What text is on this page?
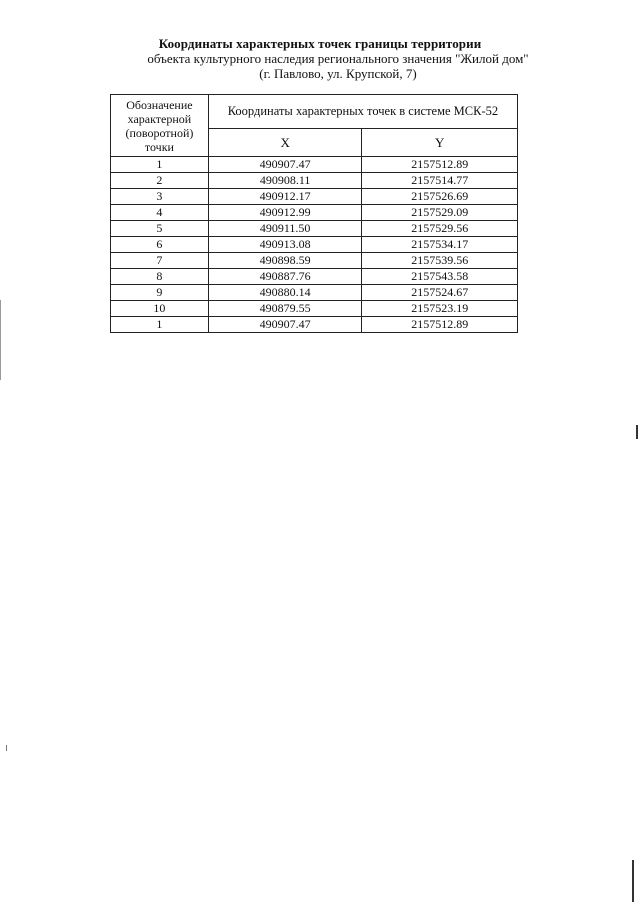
Координаты характерных точек границы территории
объекта культурного наследия регионального значения "Жилой дом"
(г. Павлово, ул. Крупской, 7)
Обозначение характерной (поворотной) точки	Координаты характерных точек в системе МСК-52	
	X	Y
1	490907.47	2157512.89
2	490908.11	2157514.77
3	490912.17	2157526.69
4	490912.99	2157529.09
5	490911.50	2157529.56
6	490913.08	2157534.17
7	490898.59	2157539.56
8	490887.76	2157543.58
9	490880.14	2157524.67
10	490879.55	2157523.19
1	490907.47	2157512.89
